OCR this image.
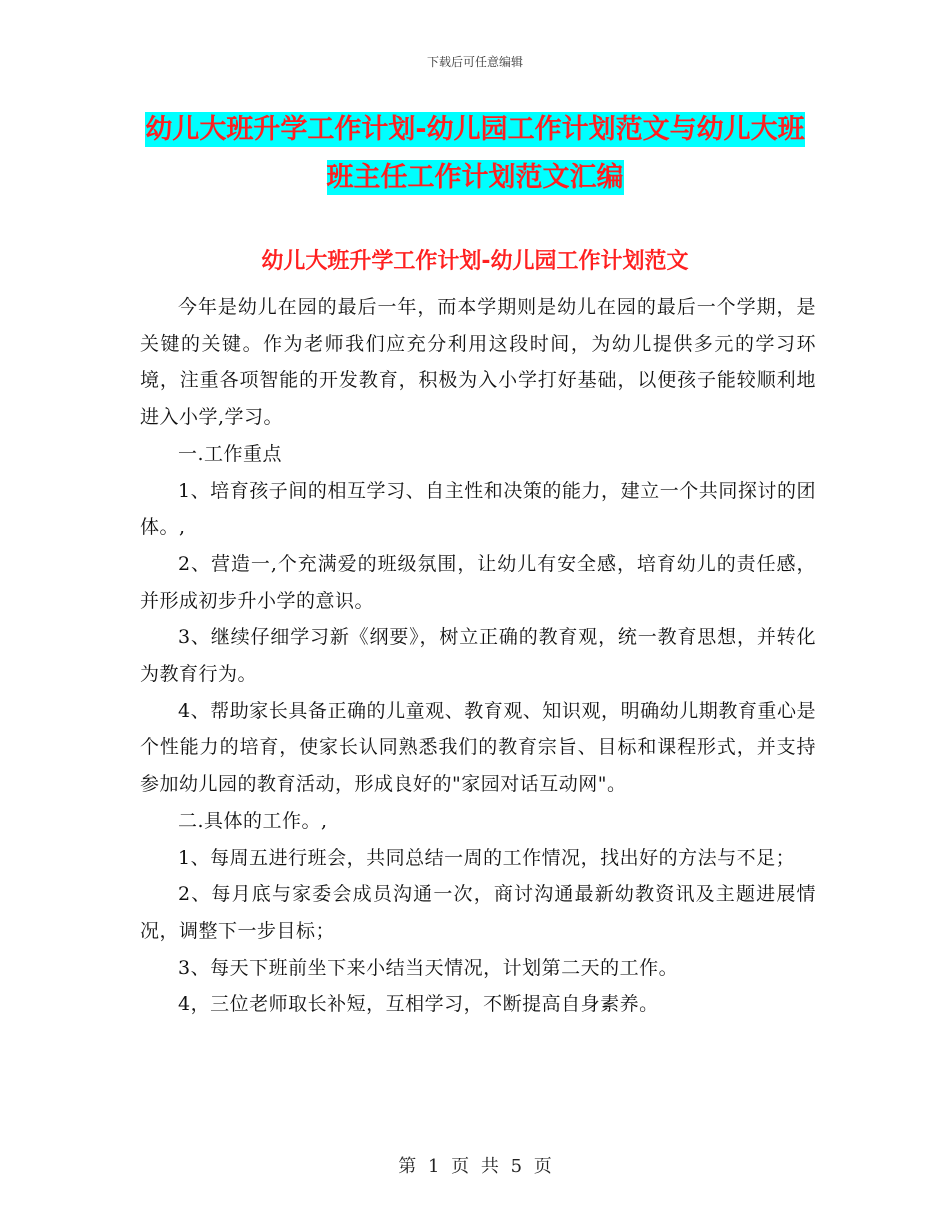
下载后可任意编辑
幼儿大班升学工作计划-幼儿园工作计划范文与幼儿大班班主任工作计划范文汇编
幼儿大班升学工作计划-幼儿园工作计划范文

今年是幼儿在园的最后一年，而本学期则是幼儿在园的最后一个学期，是关键的关键。作为老师我们应充分利用这段时间，为幼儿提供多元的学习环境，注重各项智能的开发教育，积极为入小学打好基础，以便孩子能较顺利地进入小学,学习。

一.工作重点

1、培育孩子间的相互学习、自主性和决策的能力，建立一个共同探讨的团体。,

2、营造一,个充满爱的班级氛围，让幼儿有安全感，培育幼儿的责任感，并形成初步升小学的意识。

3、继续仔细学习新《纲要》，树立正确的教育观，统一教育思想，并转化为教育行为。

4、帮助家长具备正确的儿童观、教育观、知识观，明确幼儿期教育重心是个性能力的培育，使家长认同熟悉我们的教育宗旨、目标和课程形式，并支持参加幼儿园的教育活动，形成良好的"家园对话互动网"。

二.具体的工作。,

1、每周五进行班会，共同总结一周的工作情况，找出好的方法与不足；

2、每月底与家委会成员沟通一次，商讨沟通最新幼教资讯及主题进展情况，调整下一步目标；

3、每天下班前坐下来小结当天情况，计划第二天的工作。

4，三位老师取长补短，互相学习，不断提高自身素养。

第 1 页 共 5 页
